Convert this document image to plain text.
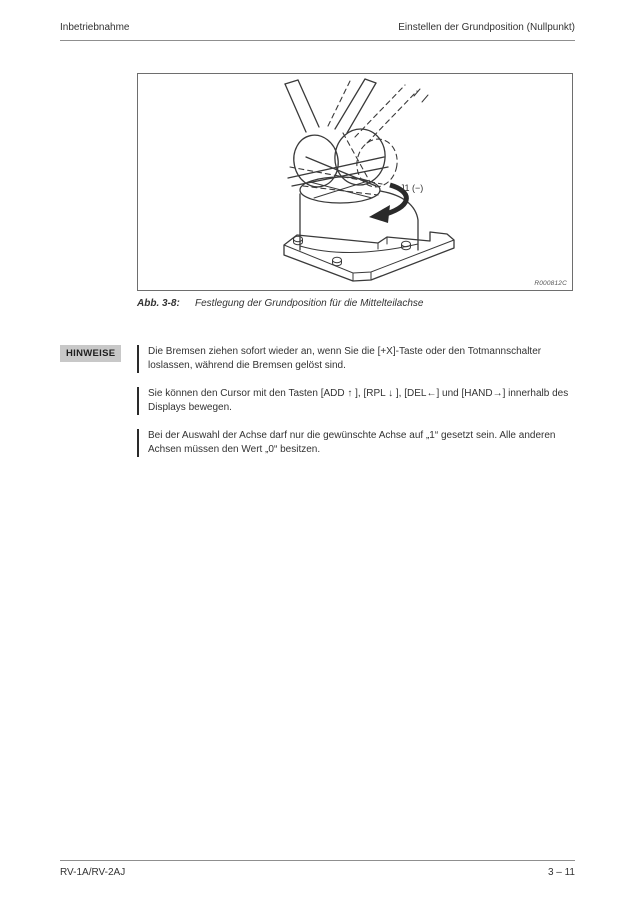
Inbetriebnahme	Einstellen der Grundposition (Nullpunkt)
J1 (−)
R000812C
Abb. 3-8: Festlegung der Grundposition für die Mittelteilachse
HINWEISE	Die Bremsen ziehen sofort wieder an, wenn Sie die [+X]-Taste oder den Totmannschalter loslassen, während die Bremsen gelöst sind.
Sie können den Cursor mit den Tasten [ADD ↑ ], [RPL ↓ ], [DEL←] und [HAND→] innerhalb des Displays bewegen.
Bei der Auswahl der Achse darf nur die gewünschte Achse auf „1“ gesetzt sein. Alle anderen Achsen müssen den Wert „0“ besitzen.
RV-1A/RV-2AJ	3 – 11
